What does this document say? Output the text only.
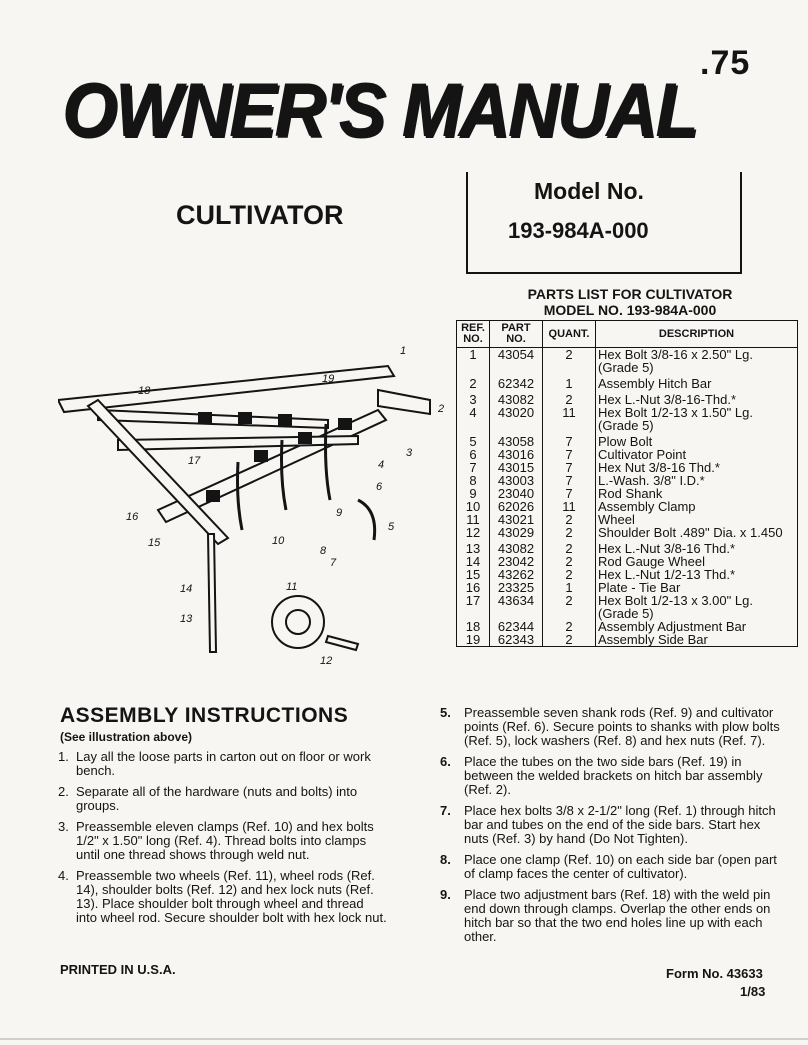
.75
OWNER'S MANUAL
CULTIVATOR
Model No.
193-984A-000
PARTS LIST FOR CULTIVATOR
MODEL NO. 193-984A-000
REF. NO.	PART NO.	QUANT.	DESCRIPTION
1	43054	2	Hex Bolt 3/8-16 x 2.50" Lg. (Grade 5)
2	62342	1	Assembly Hitch Bar
3	43082	2	Hex L.-Nut 3/8-16-Thd.*
4	43020	11	Hex Bolt 1/2-13 x 1.50" Lg. (Grade 5)
5	43058	7	Plow Bolt
6	43016	7	Cultivator Point
7	43015	7	Hex Nut 3/8-16 Thd.*
8	43003	7	L.-Wash. 3/8" I.D.*
9	23040	7	Rod Shank
10	62026	11	Assembly Clamp
11	43021	2	Wheel
12	43029	2	Shoulder Bolt .489" Dia. x 1.450
13	43082	2	Hex L.-Nut 3/8-16 Thd.*
14	23042	2	Rod Gauge Wheel
15	43262	2	Hex L.-Nut 1/2-13 Thd.*
16	23325	1	Plate - Tie Bar
17	43634	2	Hex Bolt 1/2-13 x 3.00" Lg. (Grade 5)
18	62344	2	Assembly Adjustment Bar
19	62343	2	Assembly Side Bar
1
2
3
4
5
6
7
8
9
10
11
12
13
14
15
16
17
18
19
ASSEMBLY INSTRUCTIONS
(See illustration above)
1. Lay all the loose parts in carton out on floor or work bench.
2. Separate all of the hardware (nuts and bolts) into groups.
3. Preassemble eleven clamps (Ref. 10) and hex bolts 1/2" x 1.50" long (Ref. 4). Thread bolts into clamps until one thread shows through weld nut.
4. Preassemble two wheels (Ref. 11), wheel rods (Ref. 14), shoulder bolts (Ref. 12) and hex lock nuts (Ref. 13). Place shoulder bolt through wheel and thread into wheel rod. Secure shoulder bolt with hex lock nut.
5. Preassemble seven shank rods (Ref. 9) and cultivator points (Ref. 6). Secure points to shanks with plow bolts (Ref. 5), lock washers (Ref. 8) and hex nuts (Ref. 7).
6. Place the tubes on the two side bars (Ref. 19) in between the welded brackets on hitch bar assembly (Ref. 2).
7. Place hex bolts 3/8 x 2-1/2" long (Ref. 1) through hitch bar and tubes on the end of the side bars. Start hex nuts (Ref. 3) by hand (Do Not Tighten).
8. Place one clamp (Ref. 10) on each side bar (open part of clamp faces the center of cultivator).
9. Place two adjustment bars (Ref. 18) with the weld pin end down through clamps. Overlap the other ends on hitch bar so that the two end holes line up with each other.
PRINTED IN U.S.A.	Form No. 43633
1/83
